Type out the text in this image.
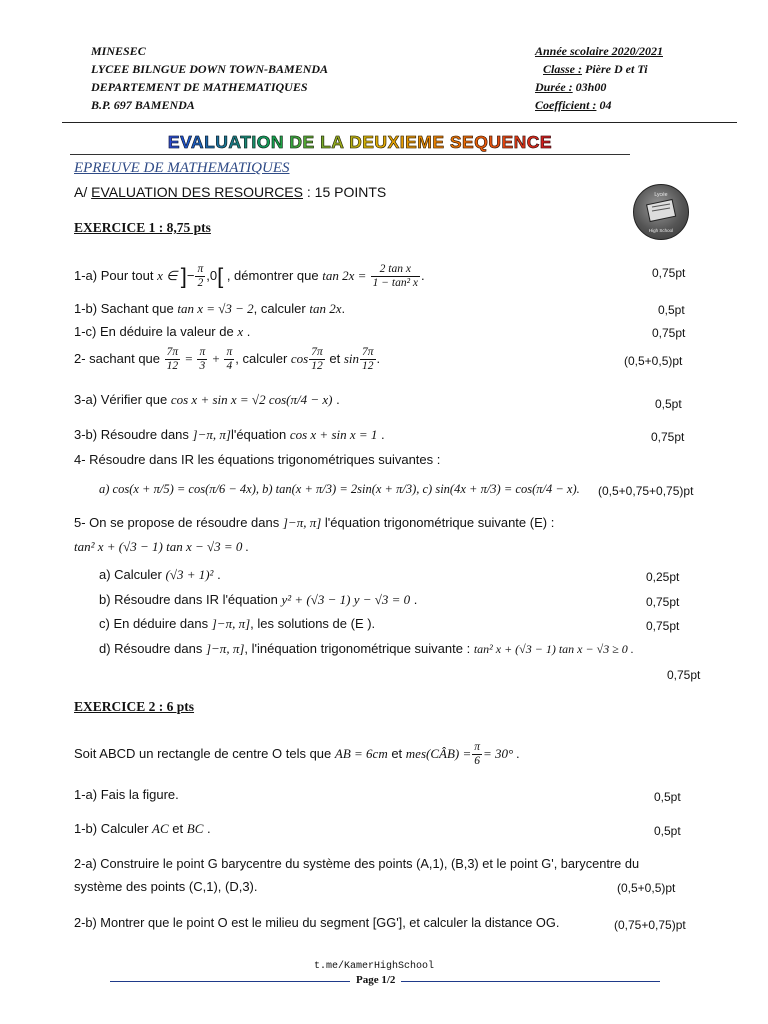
MINESEC
LYCEE BILNGUE DOWN TOWN-BAMENDA
DEPARTEMENT DE MATHEMATIQUES
B.P. 697 BAMENDA
Année scolaire 2020/2021
Classe : Pière D et Ti
Durée : 03h00
Coefficient : 04
EVALUATION DE LA DEUXIEME SEQUENCE
EPREUVE DE MATHEMATIQUES
A/ EVALUATION DES RESOURCES : 15 POINTS	Lycée
High School
EXERCICE 1 : 8,75 pts
1-a) Pour tout x ∈ ]− $\frac{\pi}{2} ,0$[ , démontrer que $\tan 2x = \frac{\text{2 tan x}}{\text{1 − tan² x}}$ .	0,75pt
1-b) Sachant que tan x = √3 − 2, calculer tan 2x.	0,5pt
1-c) En déduire la valeur de x .	0,75pt
2- sachant que $\frac{7\pi}{12} = \frac{\pi}{3} + \frac{\pi}{4}$ , calculer $\cos \frac{7\pi}{12}$ et $\sin \frac{7\pi}{12}$ .	(0,5+0,5)pt
3-a) Vérifier que cos x + sin x = √2 cos(π/4 − x) .	0,5pt
3-b) Résoudre dans ]−π, π]l'équation cos x + sin x = 1 .	0,75pt
4- Résoudre dans IR les équations trigonométriques suivantes :
a) cos(x + π/5) = cos(π/6 − 4x), b) tan(x + π/3) = 2sin(x + π/3), c) sin(4x + π/3) = cos(π/4 − x). (0,5+0,75+0,75)pt
5- On se propose de résoudre dans ]−π, π] l'équation trigonométrique suivante (E) :
tan² x + (√3 − 1) tan x − √3 = 0 .
a) Calculer (√3 + 1)² .	0,25pt
b) Résoudre dans IR l'équation y² + (√3 − 1) y − √3 = 0 .	0,75pt
c) En déduire dans ]−π, π], les solutions de (E ).	0,75pt
d) Résoudre dans ]−π, π], l'inéquation trigonométrique suivante : tan² x + (√3 − 1) tan x − √3 ≥ 0 .
0,75pt
EXERCICE 2 : 6 pts
Soit ABCD un rectangle de centre O tels que AB = 6cm et mes(CÂB) = $\frac{\pi}{6} = 30^\circ$ .
1-a) Fais la figure.	0,5pt
1-b) Calculer AC et BC .	0,5pt
2-a) Construire le point G barycentre du système des points (A,1), (B,3) et le point G', barycentre du
système des points (C,1), (D,3).	(0,5+0,5)pt
2-b) Montrer que le point O est le milieu du segment [GG'], et calculer la distance OG.	(0,75+0,75)pt
t.me/KamerHighSchool
Page 1/2
